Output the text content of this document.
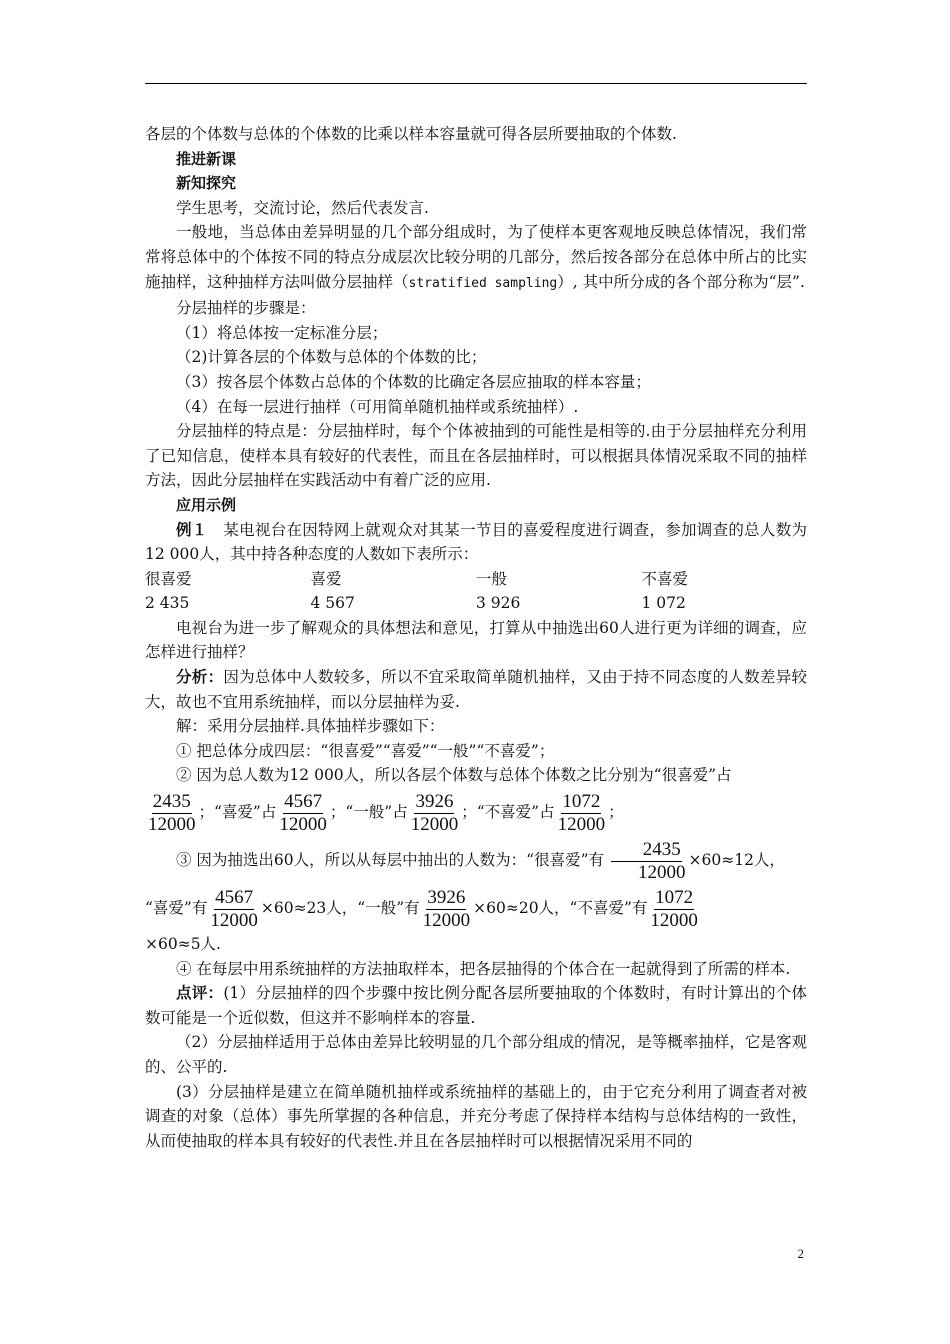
各层的个体数与总体的个体数的比乘以样本容量就可得各层所要抽取的个体数.

推进新课

新知探究

学生思考，交流讨论，然后代表发言.

一般地，当总体由差异明显的几个部分组成时，为了使样本更客观地反映总体情况，我们常常将总体中的个体按不同的特点分成层次比较分明的几部分，然后按各部分在总体中所占的比实施抽样，这种抽样方法叫做分层抽样（stratified sampling）, 其中所分成的各个部分称为“层”.

分层抽样的步骤是：

（1）将总体按一定标准分层；

（2)计算各层的个体数与总体的个体数的比；

（3）按各层个体数占总体的个体数的比确定各层应抽取的样本容量；

（4）在每一层进行抽样（可用简单随机抽样或系统抽样）.

分层抽样的特点是：分层抽样时，每个个体被抽到的可能性是相等的.由于分层抽样充分利用了已知信息，使样本具有较好的代表性，而且在各层抽样时，可以根据具体情况采取不同的抽样方法，因此分层抽样在实践活动中有着广泛的应用.

应用示例

例１　某电视台在因特网上就观众对其某一节目的喜爱程度进行调查，参加调查的总人数为12 000人，其中持各种态度的人数如下表所示：

很喜爱	喜爱	一般	不喜爱
2 435	4 567	3 926	1 072

电视台为进一步了解观众的具体想法和意见，打算从中抽选出60人进行更为详细的调查，应怎样进行抽样？

分析：因为总体中人数较多，所以不宜采取简单随机抽样，又由于持不同态度的人数差异较大，故也不宜用系统抽样，而以分层抽样为妥.

解：采用分层抽样.具体抽样步骤如下：

① 把总体分成四层：“很喜爱”“喜爱”“一般”“不喜爱”；

② 因为总人数为12 000人，所以各层个体数与总体个体数之比分别为“很喜爱”占

$\frac{2435}{12000}$ ；“喜爱”占 $\frac{4567}{12000}$ ；“一般”占 $\frac{3926}{12000}$ ；“不喜爱”占 $\frac{1072}{12000}$ ；

③ 因为抽选出60人，所以从每层中抽出的人数为：“很喜爱”有 $\frac{2435}{12000} \times 60\approx 12$人，

“喜爱”有 $\frac{4567}{12000} \times 60\approx 23$人，“一般”有 $\frac{3926}{12000} \times 60\approx 20$人，“不喜爱”有 $\frac{1072}{12000}$

×60≈5人.

④ 在每层中用系统抽样的方法抽取样本，把各层抽得的个体合在一起就得到了所需的样本.

点评：(1）分层抽样的四个步骤中按比例分配各层所要抽取的个体数时，有时计算出的个体数可能是一个近似数，但这并不影响样本的容量.

（2）分层抽样适用于总体由差异比较明显的几个部分组成的情况，是等概率抽样，它是客观的、公平的.

(3）分层抽样是建立在简单随机抽样或系统抽样的基础上的，由于它充分利用了调查者对被调查的对象（总体）事先所掌握的各种信息，并充分考虑了保持样本结构与总体结构的一致性，从而使抽取的样本具有较好的代表性.并且在各层抽样时可以根据情况采用不同的

2
